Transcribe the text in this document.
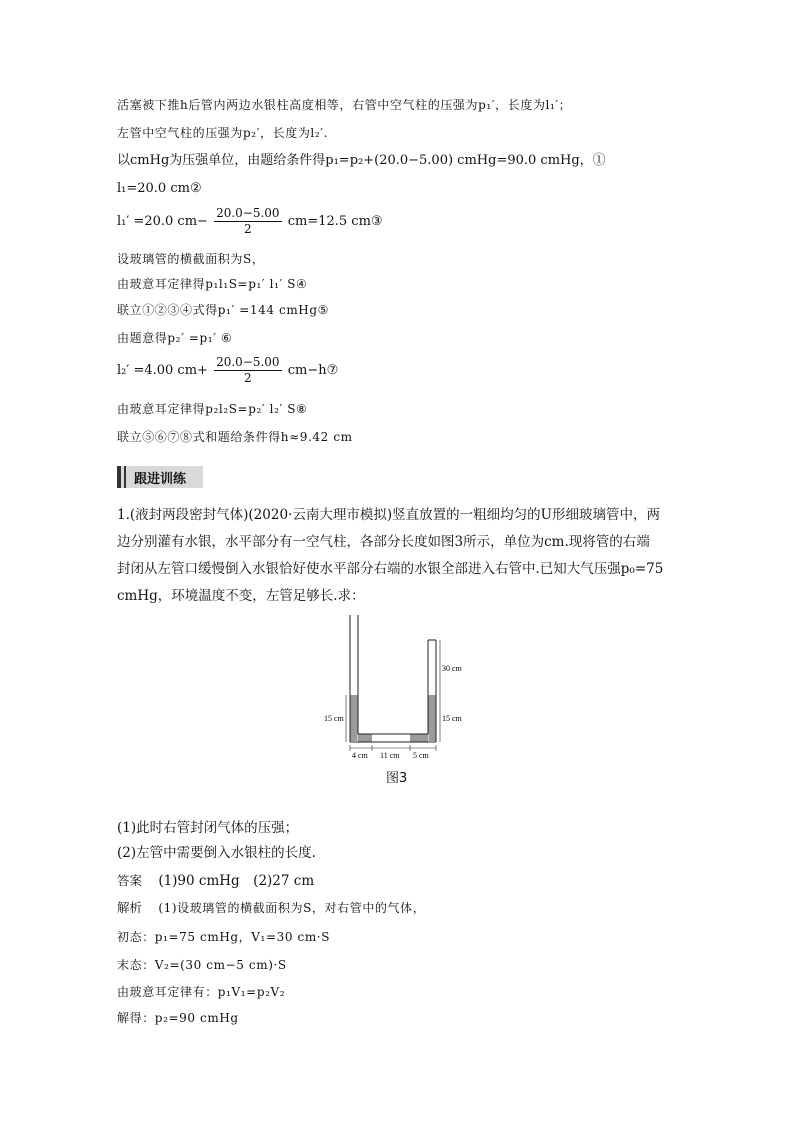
活塞被下推h后管内两边水银柱高度相等，右管中空气柱的压强为p₁′，长度为l₁′；
左管中空气柱的压强为p₂′，长度为l₂′.
以cmHg为压强单位，由题给条件得p₁=p₂+(20.0−5.00) cmHg=90.0 cmHg，①
l₁=20.0 cm②
l₁′ =20.0 $cm- \frac{20.0-5.00}{2} cm=12.5$ cm③
设玻璃管的横截面积为S，
由玻意耳定律得p₁l₁S=p₁′ l₁′ S④
联立①②③④式得p₁′ =144 cmHg⑤
由题意得p₂′ =p₁′ ⑥
l₂′ =4.00 $cm+ \frac{20.0-5.00}{2}$ cm−h⑦
由玻意耳定律得p₂l₂S=p₂′ l₂′ S⑧
联立⑤⑥⑦⑧式和题给条件得h≈9.42 cm
跟进训练
1.(液封两段密封气体)(2020·云南大理市模拟)竖直放置的一粗细均匀的U形细玻璃管中，两
边分别灌有水银，水平部分有一空气柱，各部分长度如图3所示，单位为cm.现将管的右端
封闭从左管口缓慢倒入水银恰好使水平部分右端的水银全部进入右管中.已知大气压强p₀=75
cmHg，环境温度不变，左管足够长.求：
15 cm
30 cm
15 cm
4 cm 11 cm 5 cm
图3
(1)此时右管封闭气体的压强；
(2)左管中需要倒入水银柱的长度.
答案 (1)90 cmHg　(2)27 cm
解析 (1)设玻璃管的横截面积为S，对右管中的气体，
初态：p₁=75 cmHg，V₁=30 cm·S
末态：V₂=(30 cm−5 cm)·S
由玻意耳定律有：p₁V₁=p₂V₂
解得：p₂=90 cmHg
